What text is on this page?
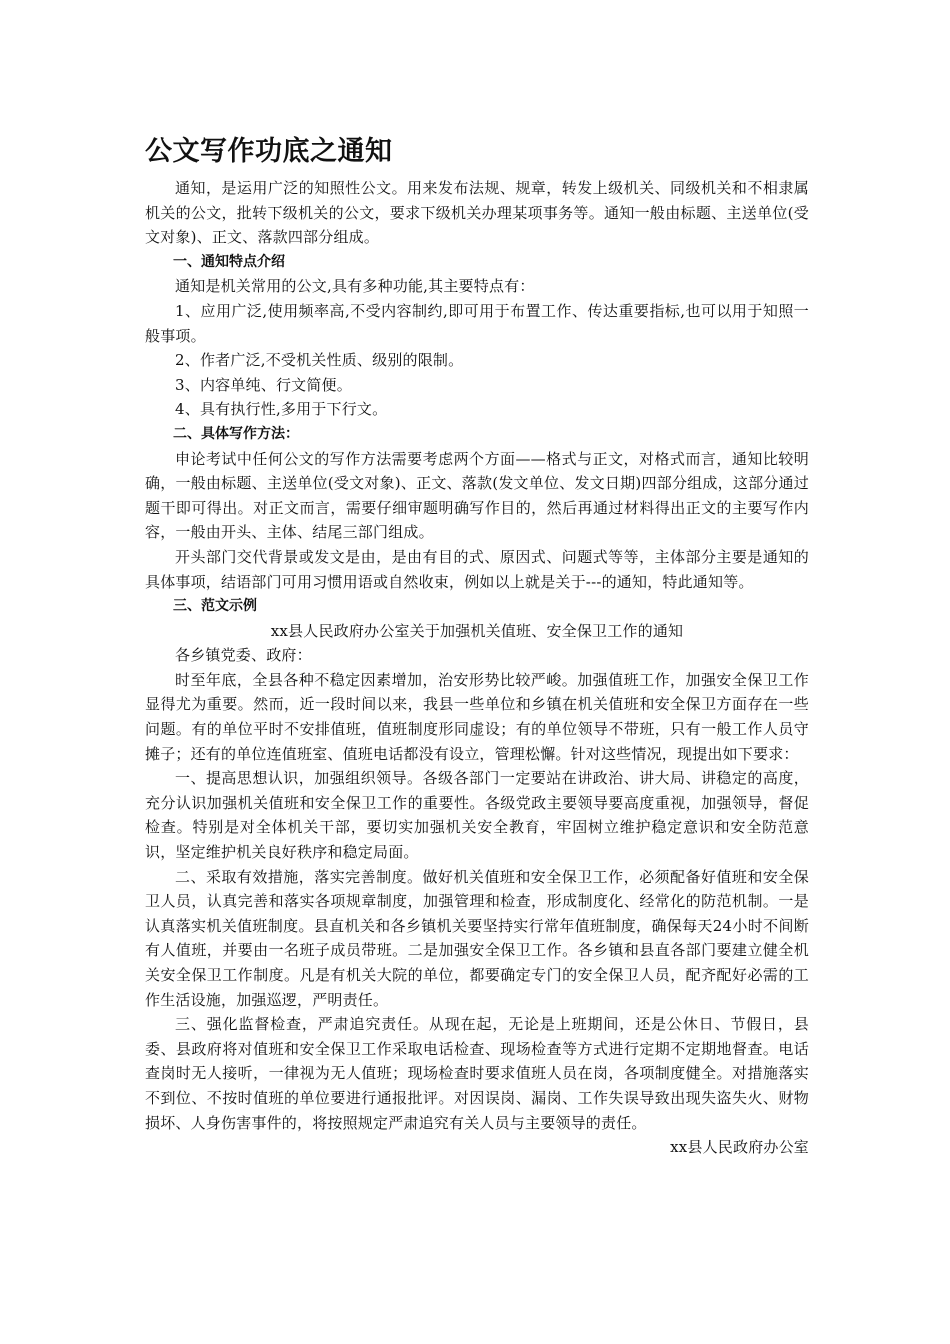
公文写作功底之通知

通知，是运用广泛的知照性公文。用来发布法规、规章，转发上级机关、同级机关和不相隶属机关的公文，批转下级机关的公文，要求下级机关办理某项事务等。通知一般由标题、主送单位(受文对象)、正文、落款四部分组成。

一、通知特点介绍

通知是机关常用的公文,具有多种功能,其主要特点有：

1、应用广泛,使用频率高,不受内容制约,即可用于布置工作、传达重要指标,也可以用于知照一般事项。

2、作者广泛,不受机关性质、级别的限制。

3、内容单纯、行文简便。

4、具有执行性,多用于下行文。

二、具体写作方法：

申论考试中任何公文的写作方法需要考虑两个方面——格式与正文，对格式而言，通知比较明确，一般由标题、主送单位(受文对象)、正文、落款(发文单位、发文日期)四部分组成，这部分通过题干即可得出。对正文而言，需要仔细审题明确写作目的，然后再通过材料得出正文的主要写作内容，一般由开头、主体、结尾三部门组成。

开头部门交代背景或发文是由，是由有目的式、原因式、问题式等等，主体部分主要是通知的具体事项，结语部门可用习惯用语或自然收束，例如以上就是关于---的通知，特此通知等。

三、范文示例

xx县人民政府办公室关于加强机关值班、安全保卫工作的通知

各乡镇党委、政府：

时至年底，全县各种不稳定因素增加，治安形势比较严峻。加强值班工作，加强安全保卫工作显得尤为重要。然而，近一段时间以来，我县一些单位和乡镇在机关值班和安全保卫方面存在一些问题。有的单位平时不安排值班，值班制度形同虚设；有的单位领导不带班，只有一般工作人员守摊子；还有的单位连值班室、值班电话都没有设立，管理松懈。针对这些情况，现提出如下要求：

一、提高思想认识，加强组织领导。各级各部门一定要站在讲政治、讲大局、讲稳定的高度，充分认识加强机关值班和安全保卫工作的重要性。各级党政主要领导要高度重视，加强领导，督促检查。特别是对全体机关干部，要切实加强机关安全教育，牢固树立维护稳定意识和安全防范意识，坚定维护机关良好秩序和稳定局面。

二、采取有效措施，落实完善制度。做好机关值班和安全保卫工作，必须配备好值班和安全保卫人员，认真完善和落实各项规章制度，加强管理和检查，形成制度化、经常化的防范机制。一是认真落实机关值班制度。县直机关和各乡镇机关要坚持实行常年值班制度，确保每天24小时不间断有人值班，并要由一名班子成员带班。二是加强安全保卫工作。各乡镇和县直各部门要建立健全机关安全保卫工作制度。凡是有机关大院的单位，都要确定专门的安全保卫人员，配齐配好必需的工作生活设施，加强巡逻，严明责任。

三、强化监督检查，严肃追究责任。从现在起，无论是上班期间，还是公休日、节假日，县委、县政府将对值班和安全保卫工作采取电话检查、现场检查等方式进行定期不定期地督查。电话查岗时无人接听，一律视为无人值班；现场检查时要求值班人员在岗，各项制度健全。对措施落实不到位、不按时值班的单位要进行通报批评。对因误岗、漏岗、工作失误导致出现失盗失火、财物损坏、人身伤害事件的，将按照规定严肃追究有关人员与主要领导的责任。

xx县人民政府办公室
